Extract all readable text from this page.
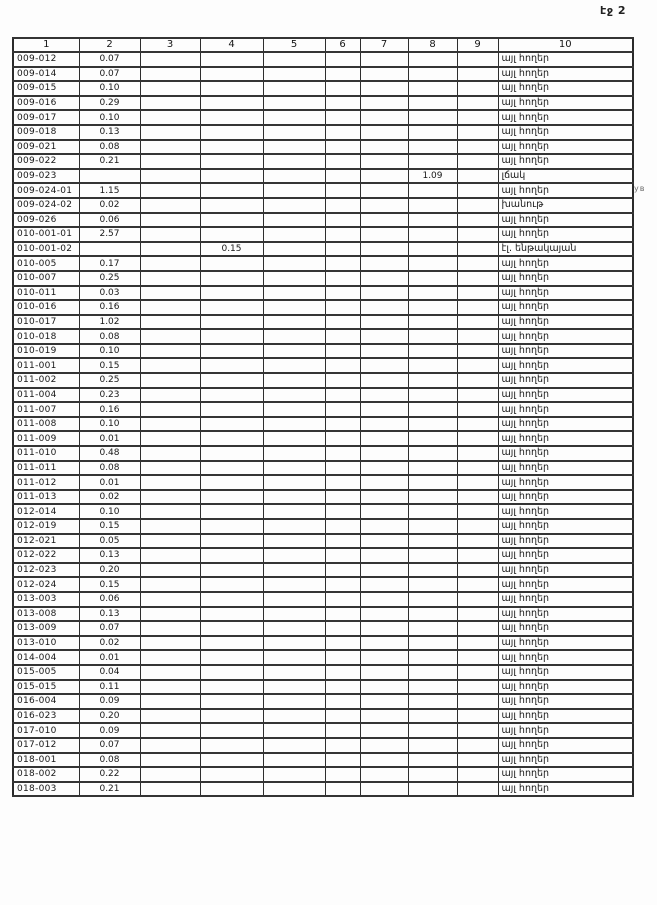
էջ 2
1	2	3	4	5	6	7	8	9	10
009-012	0.07								այլ հողեր
009-014	0.07								այլ հողեր
009-015	0.10								այլ հողեր
009-016	0.29								այլ հողեր
009-017	0.10								այլ հողեր
009-018	0.13								այլ հողեր
009-021	0.08								այլ հողեր
009-022	0.21								այլ հողեր
009-023							1.09		լճակ
009-024-01	1.15								այլ հողեր
009-024-02	0.02								խանութ
009-026	0.06								այլ հողեր
010-001-01	2.57								այլ հողեր
010-001-02			0.15						էլ. ենթակայան
010-005	0.17								այլ հողեր
010-007	0.25								այլ հողեր
010-011	0.03								այլ հողեր
010-016	0.16								այլ հողեր
010-017	1.02								այլ հողեր
010-018	0.08								այլ հողեր
010-019	0.10								այլ հողեր
011-001	0.15								այլ հողեր
011-002	0.25								այլ հողեր
011-004	0.23								այլ հողեր
011-007	0.16								այլ հողեր
011-008	0.10								այլ հողեր
011-009	0.01								այլ հողեր
011-010	0.48								այլ հողեր
011-011	0.08								այլ հողեր
011-012	0.01								այլ հողեր
011-013	0.02								այլ հողեր
012-014	0.10								այլ հողեր
012-019	0.15								այլ հողեր
012-021	0.05								այլ հողեր
012-022	0.13								այլ հողեր
012-023	0.20								այլ հողեր
012-024	0.15								այլ հողեր
013-003	0.06								այլ հողեր
013-008	0.13								այլ հողեր
013-009	0.07								այլ հողեր
013-010	0.02								այլ հողեր
014-004	0.01								այլ հողեր
015-005	0.04								այլ հողեր
015-015	0.11								այլ հողեր
016-004	0.09								այլ հողեր
016-023	0.20								այլ հողեր
017-010	0.09								այլ հողեր
017-012	0.07								այլ հողեր
018-001	0.08								այլ հողեր
018-002	0.22								այլ հողեր
018-003	0.21								այլ հողեր
ув
